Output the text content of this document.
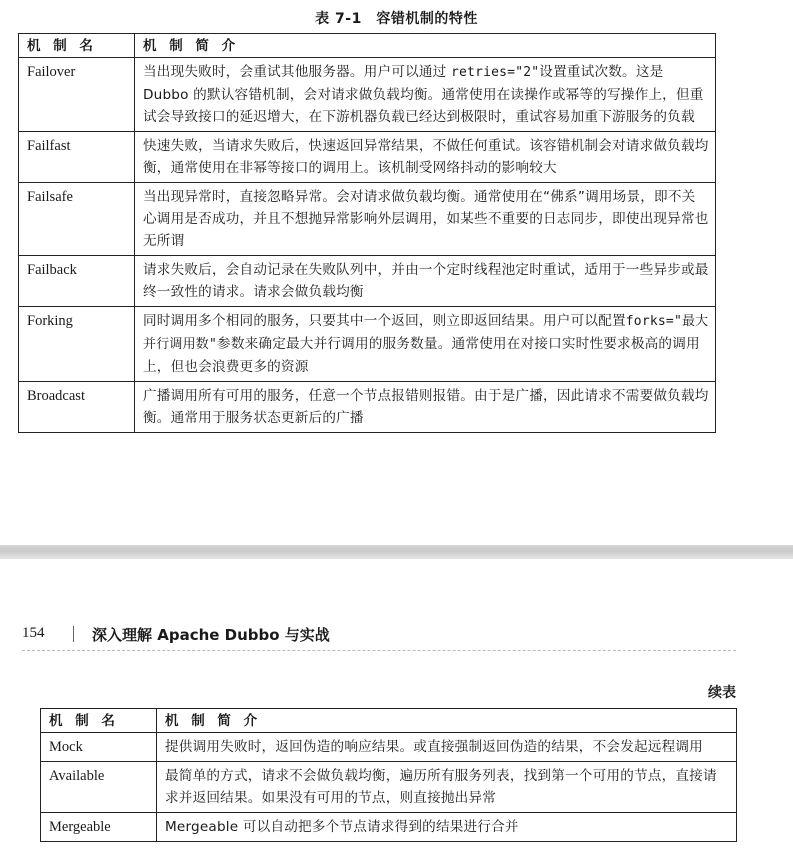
表 7-1　容错机制的特性
机 制 名	机 制 简 介
Failover	当出现失败时，会重试其他服务器。用户可以通过 retries="2"设置重试次数。这是Dubbo 的默认容错机制，会对请求做负载均衡。通常使用在读操作或幂等的写操作上，但重试会导致接口的延迟增大，在下游机器负载已经达到极限时，重试容易加重下游服务的负载
Failfast	快速失败，当请求失败后，快速返回异常结果，不做任何重试。该容错机制会对请求做负载均衡，通常使用在非幂等接口的调用上。该机制受网络抖动的影响较大
Failsafe	当出现异常时，直接忽略异常。会对请求做负载均衡。通常使用在“佛系”调用场景，即不关心调用是否成功，并且不想抛异常影响外层调用，如某些不重要的日志同步，即使出现异常也无所谓
Failback	请求失败后，会自动记录在失败队列中，并由一个定时线程池定时重试，适用于一些异步或最终一致性的请求。请求会做负载均衡
Forking	同时调用多个相同的服务，只要其中一个返回，则立即返回结果。用户可以配置forks="最大并行调用数"参数来确定最大并行调用的服务数量。通常使用在对接口实时性要求极高的调用上，但也会浪费更多的资源
Broadcast	广播调用所有可用的服务，任意一个节点报错则报错。由于是广播，因此请求不需要做负载均衡。通常用于服务状态更新后的广播
154	深入理解 Apache Dubbo 与实战
续表
机 制 名	机 制 简 介
Mock	提供调用失败时，返回伪造的响应结果。或直接强制返回伪造的结果，不会发起远程调用
Available	最简单的方式，请求不会做负载均衡，遍历所有服务列表，找到第一个可用的节点，直接请求并返回结果。如果没有可用的节点，则直接抛出异常
Mergeable	Mergeable 可以自动把多个节点请求得到的结果进行合并
